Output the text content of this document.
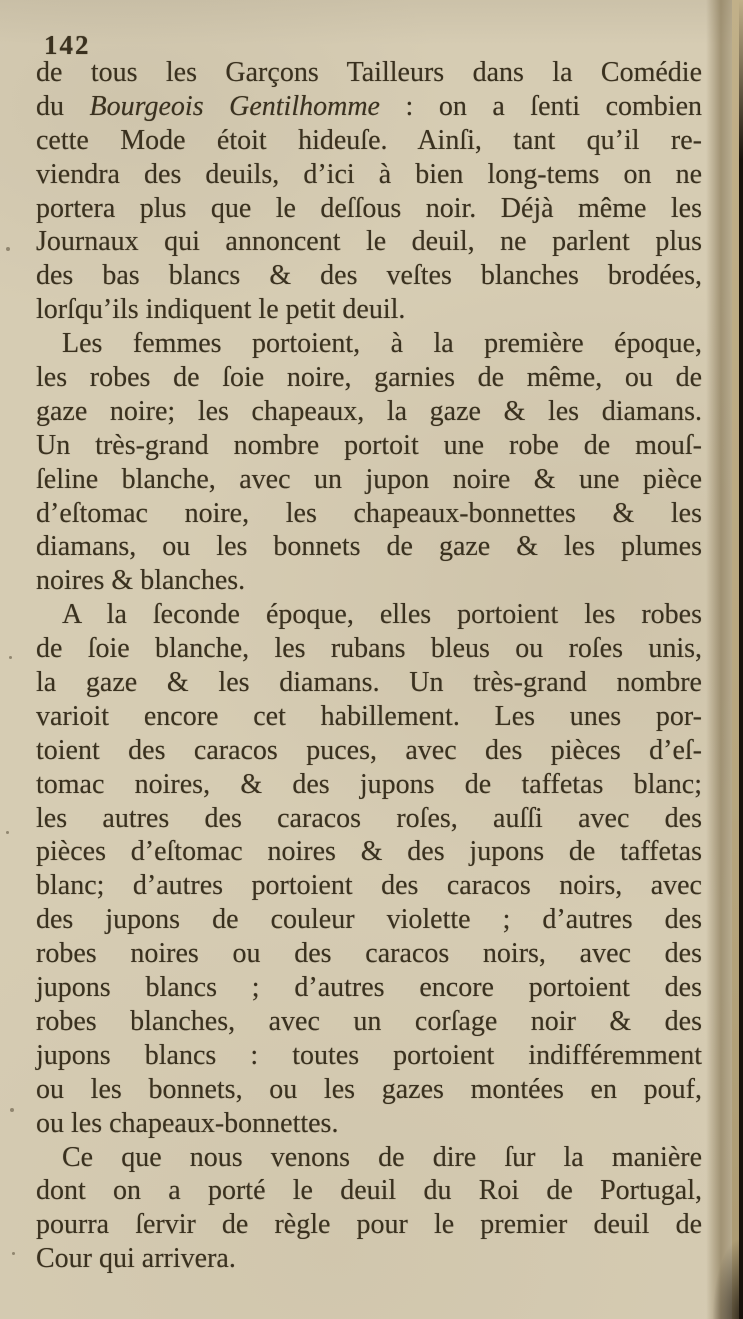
142
de tous les Garçons Tailleurs dans la Comédie
du Bourgeois Gentilhomme : on a ſenti combien
cette Mode étoit hideuſe. Ainſi, tant qu’il re-
viendra des deuils, d’ici à bien long-tems on ne
portera plus que le deſſous noir. Déjà même les
Journaux qui annoncent le deuil, ne parlent plus
des bas blancs & des veſtes blanches brodées,
lorſqu’ils indiquent le petit deuil.
Les femmes portoient, à la première époque,
les robes de ſoie noire, garnies de même, ou de
gaze noire; les chapeaux, la gaze & les diamans.
Un très-grand nombre portoit une robe de mouſ-
ſeline blanche, avec un jupon noire & une pièce
d’eſtomac noire, les chapeaux-bonnettes & les
diamans, ou les bonnets de gaze & les plumes
noires & blanches.
A la ſeconde époque, elles portoient les robes
de ſoie blanche, les rubans bleus ou roſes unis,
la gaze & les diamans. Un très-grand nombre
varioit encore cet habillement. Les unes por-
toient des caracos puces, avec des pièces d’eſ-
tomac noires, & des jupons de taffetas blanc;
les autres des caracos roſes, auſſi avec des
pièces d’eſtomac noires & des jupons de taffetas
blanc; d’autres portoient des caracos noirs, avec
des jupons de couleur violette ; d’autres des
robes noires ou des caracos noirs, avec des
jupons blancs ; d’autres encore portoient des
robes blanches, avec un corſage noir & des
jupons blancs : toutes portoient indifféremment
ou les bonnets, ou les gazes montées en pouf,
ou les chapeaux-bonnettes.
Ce que nous venons de dire ſur la manière
dont on a porté le deuil du Roi de Portugal,
pourra ſervir de règle pour le premier deuil de
Cour qui arrivera.
